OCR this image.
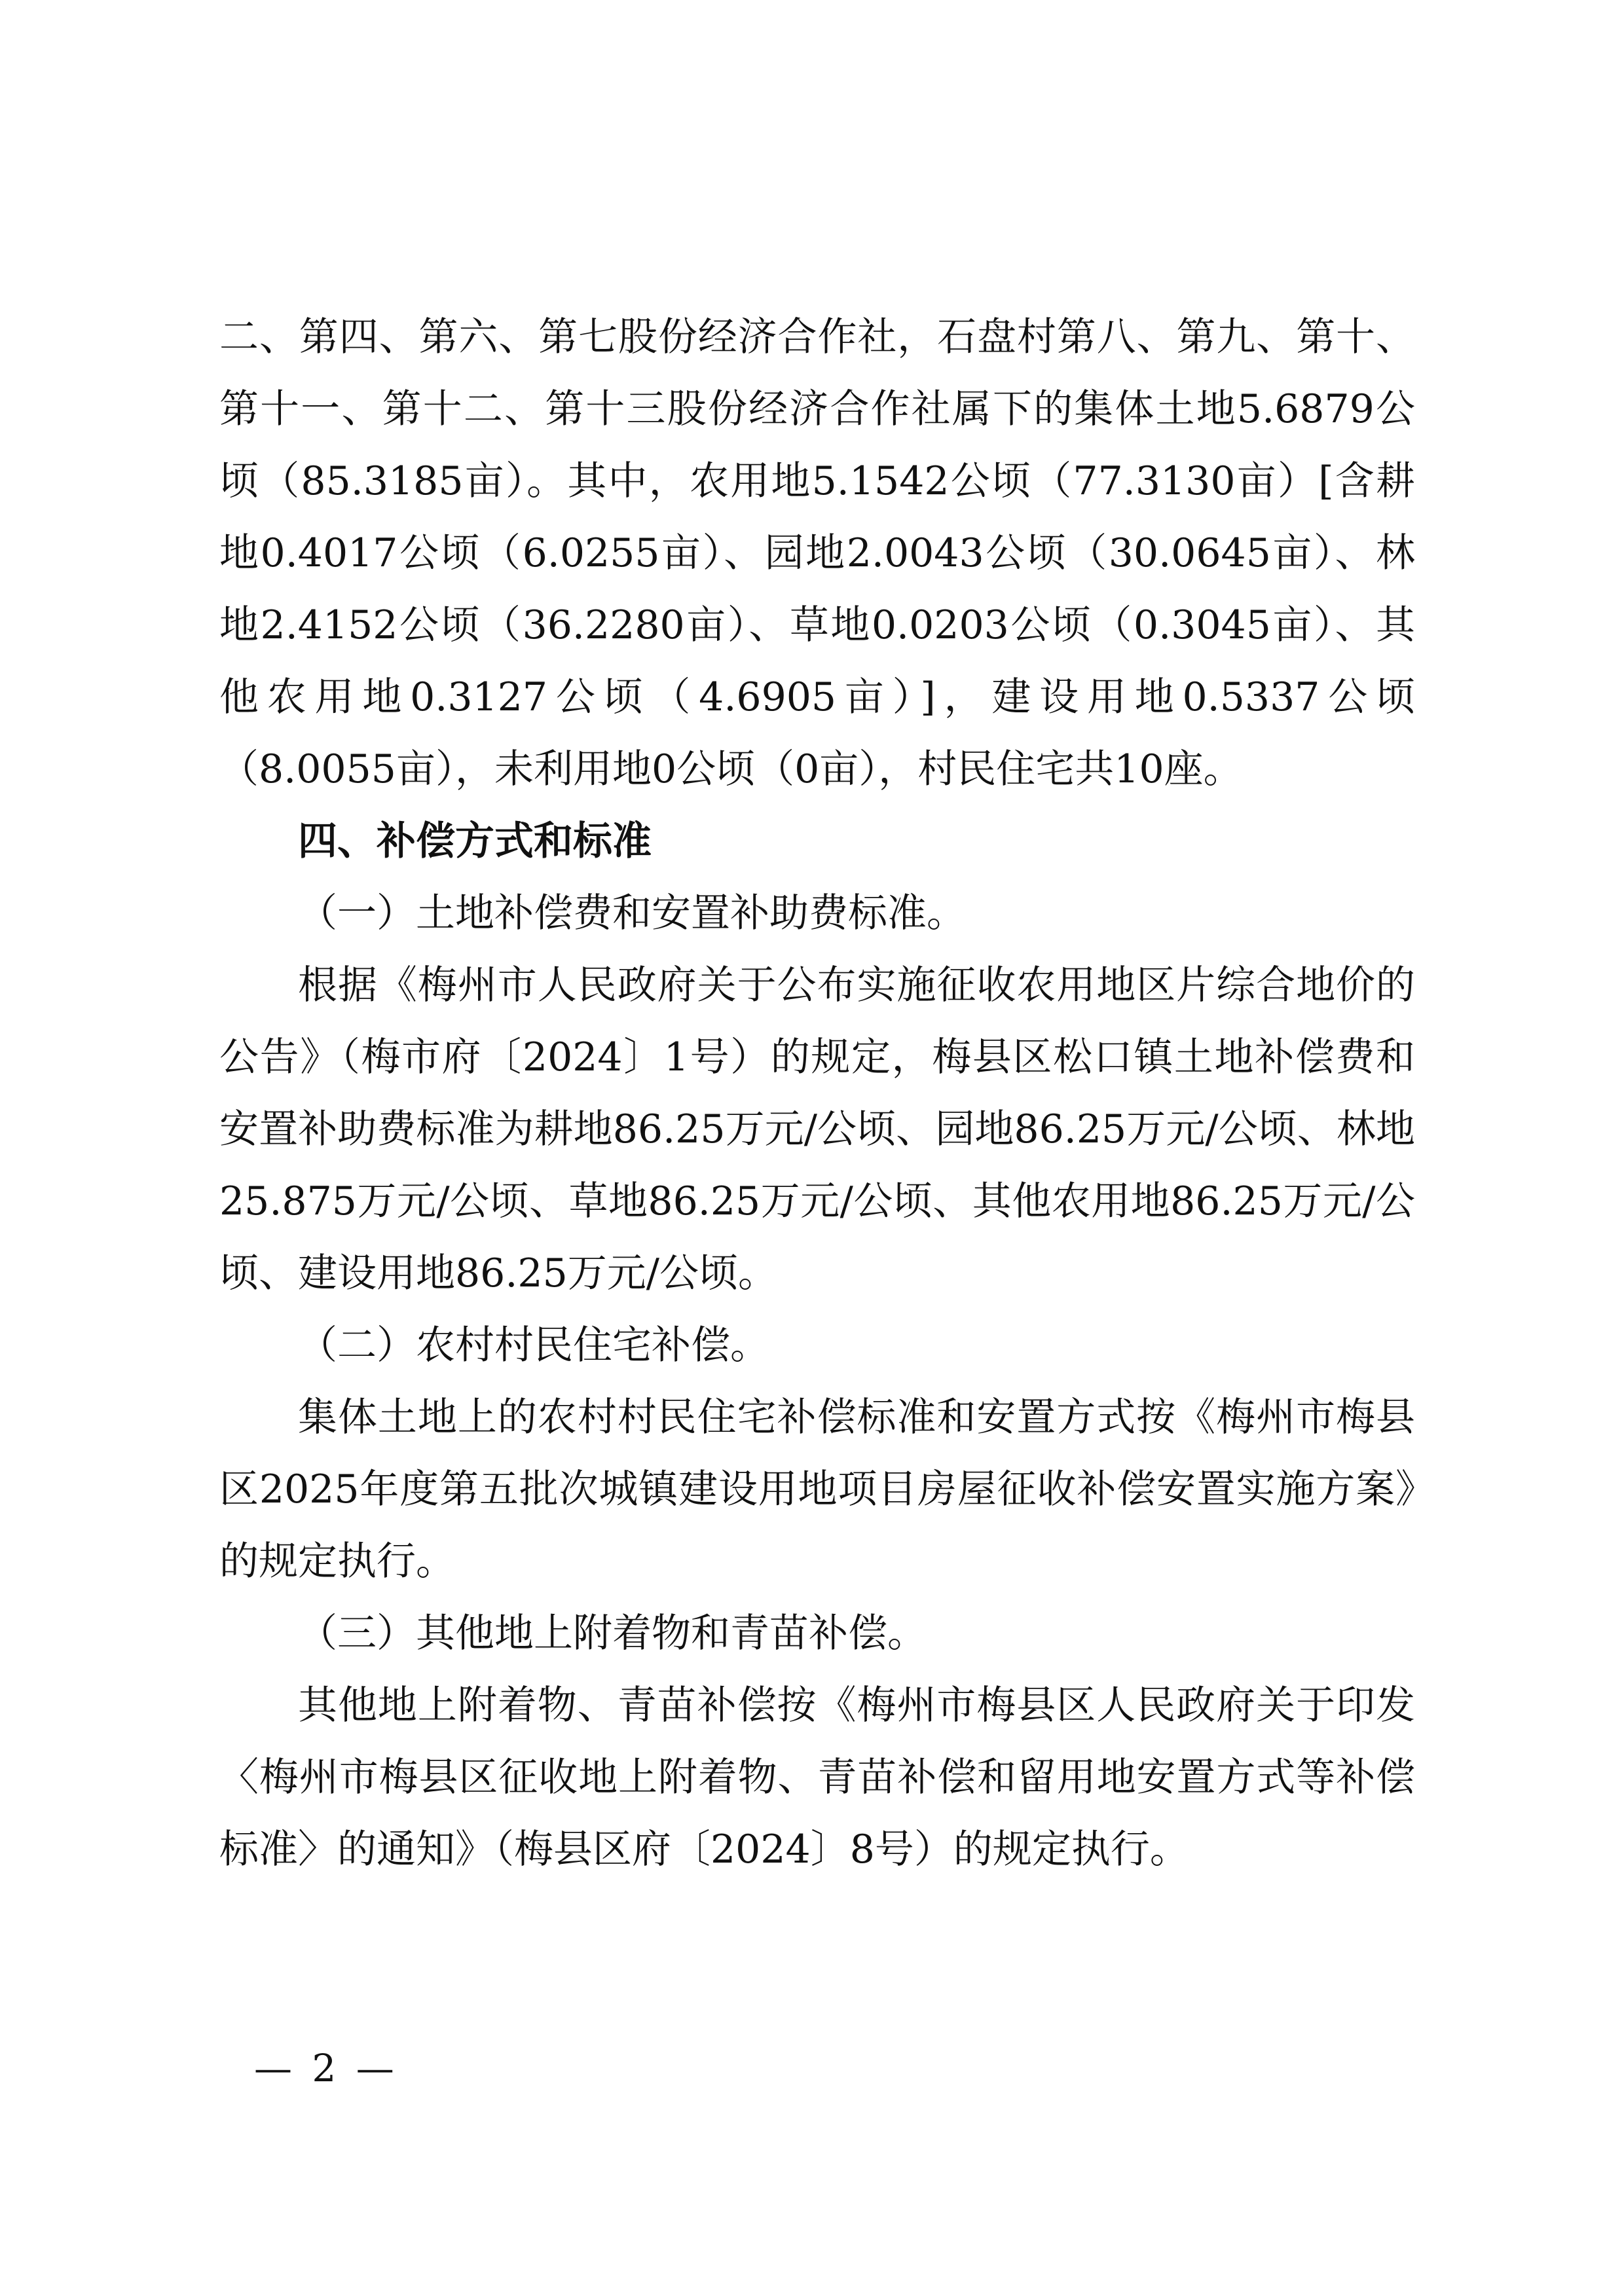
二、第四、第六、第七股份经济合作社，石盘村第八、第九、第十、第十一、第十二、第十三股份经济合作社属下的集体土地5.6879公顷（85.3185亩）。其中，农用地5.1542公顷（77.3130亩）[含耕地0.4017公顷（6.0255亩）、园地2.0043公顷（30.0645亩）、林地2.4152公顷（36.2280亩）、草地0.0203公顷（0.3045亩）、其他农用地0.3127公顷（4.6905亩）]，建设用地0.5337公顷（8.0055亩），未利用地0公顷（0亩），村民住宅共10座。

四、补偿方式和标准

（一）土地补偿费和安置补助费标准。

根据《梅州市人民政府关于公布实施征收农用地区片综合地价的公告》（梅市府〔2024〕1号）的规定，梅县区松口镇土地补偿费和安置补助费标准为耕地86.25万元/公顷、园地86.25万元/公顷、林地25.875万元/公顷、草地86.25万元/公顷、其他农用地86.25万元/公顷、建设用地86.25万元/公顷。

（二）农村村民住宅补偿。

集体土地上的农村村民住宅补偿标准和安置方式按《梅州市梅县区2025年度第五批次城镇建设用地项目房屋征收补偿安置实施方案》的规定执行。

（三）其他地上附着物和青苗补偿。

其他地上附着物、青苗补偿按《梅州市梅县区人民政府关于印发〈梅州市梅县区征收地上附着物、青苗补偿和留用地安置方式等补偿标准〉的通知》（梅县区府〔2024〕8号）的规定执行。

— 2 —
